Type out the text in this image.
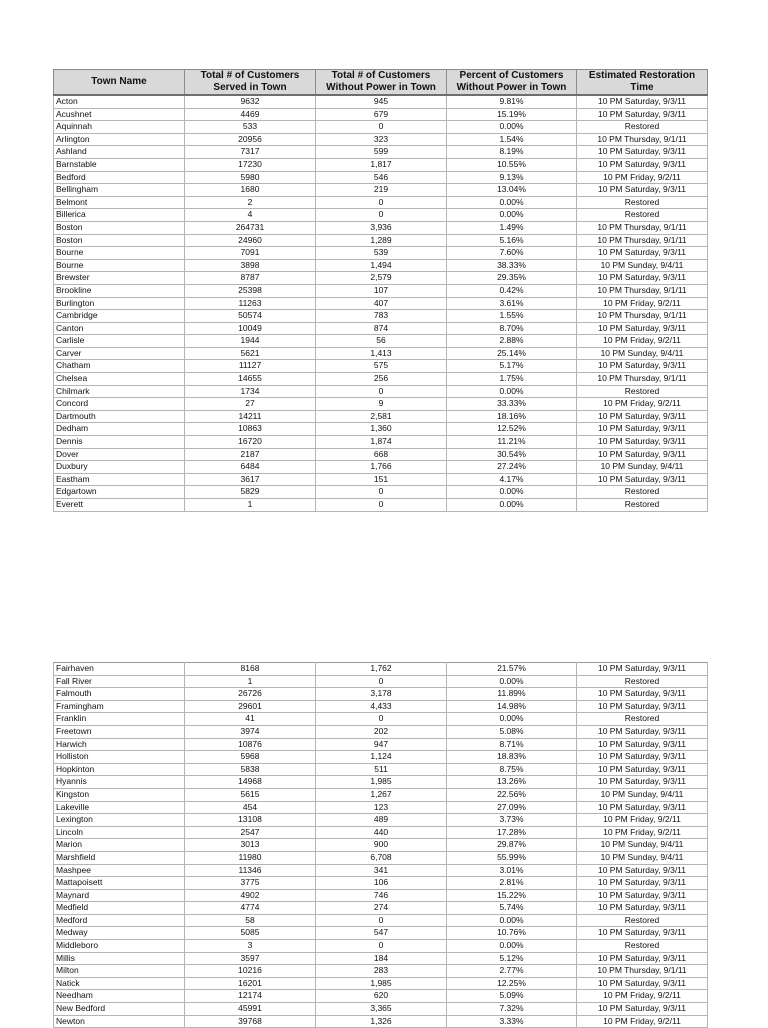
Town Name	Total # of Customers Served in Town	Total # of Customers Without Power in Town	Percent of Customers Without Power in Town	Estimated Restoration Time
Acton	9632	945	9.81%	10 PM Saturday, 9/3/11
Acushnet	4469	679	15.19%	10 PM Saturday, 9/3/11
Aquinnah	533	0	0.00%	Restored
Arlington	20956	323	1.54%	10 PM Thursday, 9/1/11
Ashland	7317	599	8.19%	10 PM Saturday, 9/3/11
Barnstable	17230	1,817	10.55%	10 PM Saturday, 9/3/11
Bedford	5980	546	9.13%	10 PM Friday, 9/2/11
Bellingham	1680	219	13.04%	10 PM Saturday, 9/3/11
Belmont	2	0	0.00%	Restored
Billerica	4	0	0.00%	Restored
Boston	264731	3,936	1.49%	10 PM Thursday, 9/1/11
Boston	24960	1,289	5.16%	10 PM Thursday, 9/1/11
Bourne	7091	539	7.60%	10 PM Saturday, 9/3/11
Bourne	3898	1,494	38.33%	10 PM Sunday, 9/4/11
Brewster	8787	2,579	29.35%	10 PM Saturday, 9/3/11
Brookline	25398	107	0.42%	10 PM Thursday, 9/1/11
Burlington	11263	407	3.61%	10 PM Friday, 9/2/11
Cambridge	50574	783	1.55%	10 PM Thursday, 9/1/11
Canton	10049	874	8.70%	10 PM Saturday, 9/3/11
Carlisle	1944	56	2.88%	10 PM Friday, 9/2/11
Carver	5621	1,413	25.14%	10 PM Sunday, 9/4/11
Chatham	11127	575	5.17%	10 PM Saturday, 9/3/11
Chelsea	14655	256	1.75%	10 PM Thursday, 9/1/11
Chilmark	1734	0	0.00%	Restored
Concord	27	9	33.33%	10 PM Friday, 9/2/11
Dartmouth	14211	2,581	18.16%	10 PM Saturday, 9/3/11
Dedham	10863	1,360	12.52%	10 PM Saturday, 9/3/11
Dennis	16720	1,874	11.21%	10 PM Saturday, 9/3/11
Dover	2187	668	30.54%	10 PM Saturday, 9/3/11
Duxbury	6484	1,766	27.24%	10 PM Sunday, 9/4/11
Eastham	3617	151	4.17%	10 PM Saturday, 9/3/11
Edgartown	5829	0	0.00%	Restored
Everett	1	0	0.00%	Restored
Fairhaven	8168	1,762	21.57%	10 PM Saturday, 9/3/11
Fall River	1	0	0.00%	Restored
Falmouth	26726	3,178	11.89%	10 PM Saturday, 9/3/11
Framingham	29601	4,433	14.98%	10 PM Saturday, 9/3/11
Franklin	41	0	0.00%	Restored
Freetown	3974	202	5.08%	10 PM Saturday, 9/3/11
Harwich	10876	947	8.71%	10 PM Saturday, 9/3/11
Holliston	5968	1,124	18.83%	10 PM Saturday, 9/3/11
Hopkinton	5838	511	8.75%	10 PM Saturday, 9/3/11
Hyannis	14968	1,985	13.26%	10 PM Saturday, 9/3/11
Kingston	5615	1,267	22.56%	10 PM Sunday, 9/4/11
Lakeville	454	123	27.09%	10 PM Saturday, 9/3/11
Lexington	13108	489	3.73%	10 PM Friday, 9/2/11
Lincoln	2547	440	17.28%	10 PM Friday, 9/2/11
Marion	3013	900	29.87%	10 PM Sunday, 9/4/11
Marshfield	11980	6,708	55.99%	10 PM Sunday, 9/4/11
Mashpee	11346	341	3.01%	10 PM Saturday, 9/3/11
Mattapoisett	3775	106	2.81%	10 PM Saturday, 9/3/11
Maynard	4902	746	15.22%	10 PM Saturday, 9/3/11
Medfield	4774	274	5.74%	10 PM Saturday, 9/3/11
Medford	58	0	0.00%	Restored
Medway	5085	547	10.76%	10 PM Saturday, 9/3/11
Middleboro	3	0	0.00%	Restored
Millis	3597	184	5.12%	10 PM Saturday, 9/3/11
Milton	10216	283	2.77%	10 PM Thursday, 9/1/11
Natick	16201	1,985	12.25%	10 PM Saturday, 9/3/11
Needham	12174	620	5.09%	10 PM Friday, 9/2/11
New Bedford	45991	3,365	7.32%	10 PM Saturday, 9/3/11
Newton	39768	1,326	3.33%	10 PM Friday, 9/2/11
